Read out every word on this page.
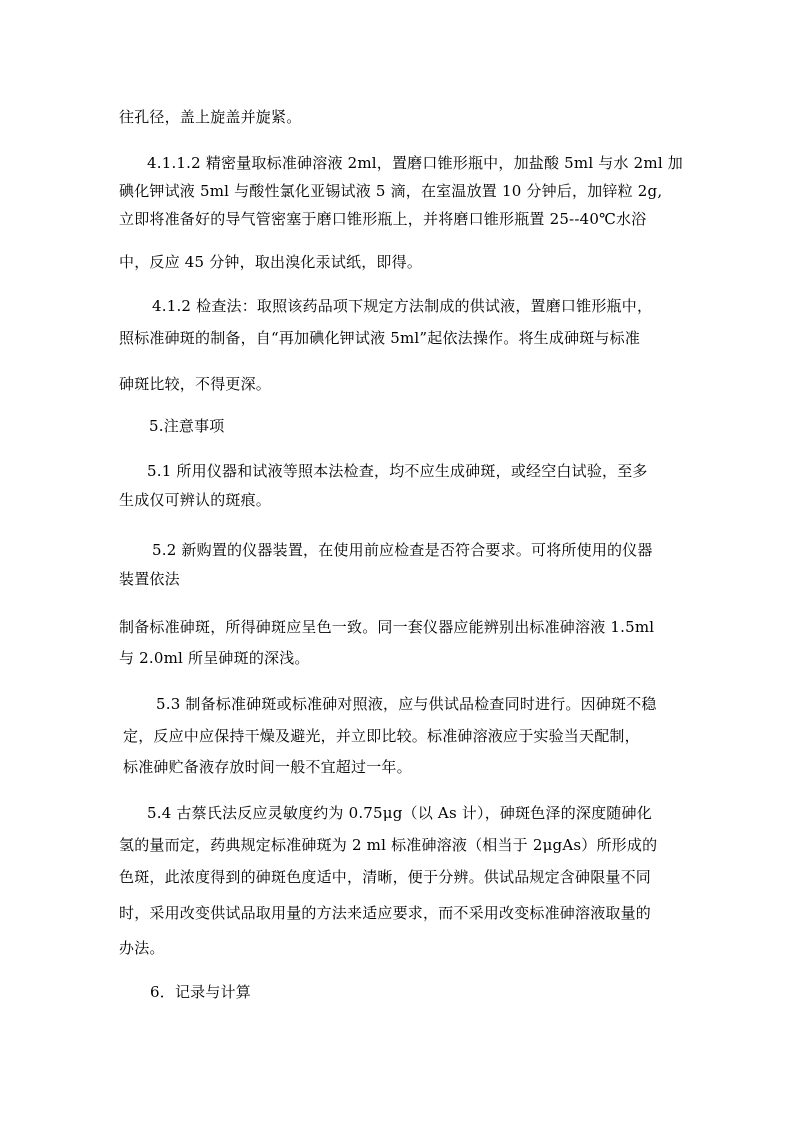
往孔径，盖上旋盖并旋紧。
4.1.1.2 精密量取标准砷溶液 2ml，置磨口锥形瓶中，加盐酸 5ml 与水 2ml 加
碘化钾试液 5ml 与酸性氯化亚锡试液 5 滴，在室温放置 10 分钟后，加锌粒 2g,
立即将准备好的导气管密塞于磨口锥形瓶上，并将磨口锥形瓶置 25--40℃水浴
中，反应 45 分钟，取出溴化汞试纸，即得。
4.1.2 检查法：取照该药品项下规定方法制成的供试液，置磨口锥形瓶中，
照标准砷斑的制备，自“再加碘化钾试液 5ml”起依法操作。将生成砷斑与标准
砷斑比较，不得更深。
5.注意事项
5.1 所用仪器和试液等照本法检查，均不应生成砷斑，或经空白试验，至多
生成仅可辨认的斑痕。
5.2 新购置的仪器装置，在使用前应检查是否符合要求。可将所使用的仪器
装置依法
制备标准砷斑，所得砷斑应呈色一致。同一套仪器应能辨别出标准砷溶液 1.5ml
与 2.0ml 所呈砷斑的深浅。
5.3 制备标准砷斑或标准砷对照液，应与供试品检查同时进行。因砷斑不稳
定，反应中应保持干燥及避光，并立即比较。标准砷溶液应于实验当天配制，
标准砷贮备液存放时间一般不宜超过一年。
5.4 古蔡氏法反应灵敏度约为 0.75μg（以 As 计），砷斑色泽的深度随砷化
氢的量而定，药典规定标准砷斑为 2 ml 标准砷溶液（相当于 2μgAs）所形成的
色斑，此浓度得到的砷斑色度适中，清晰，便于分辨。供试品规定含砷限量不同
时，采用改变供试品取用量的方法来适应要求，而不采用改变标准砷溶液取量的
办法。
6．记录与计算
